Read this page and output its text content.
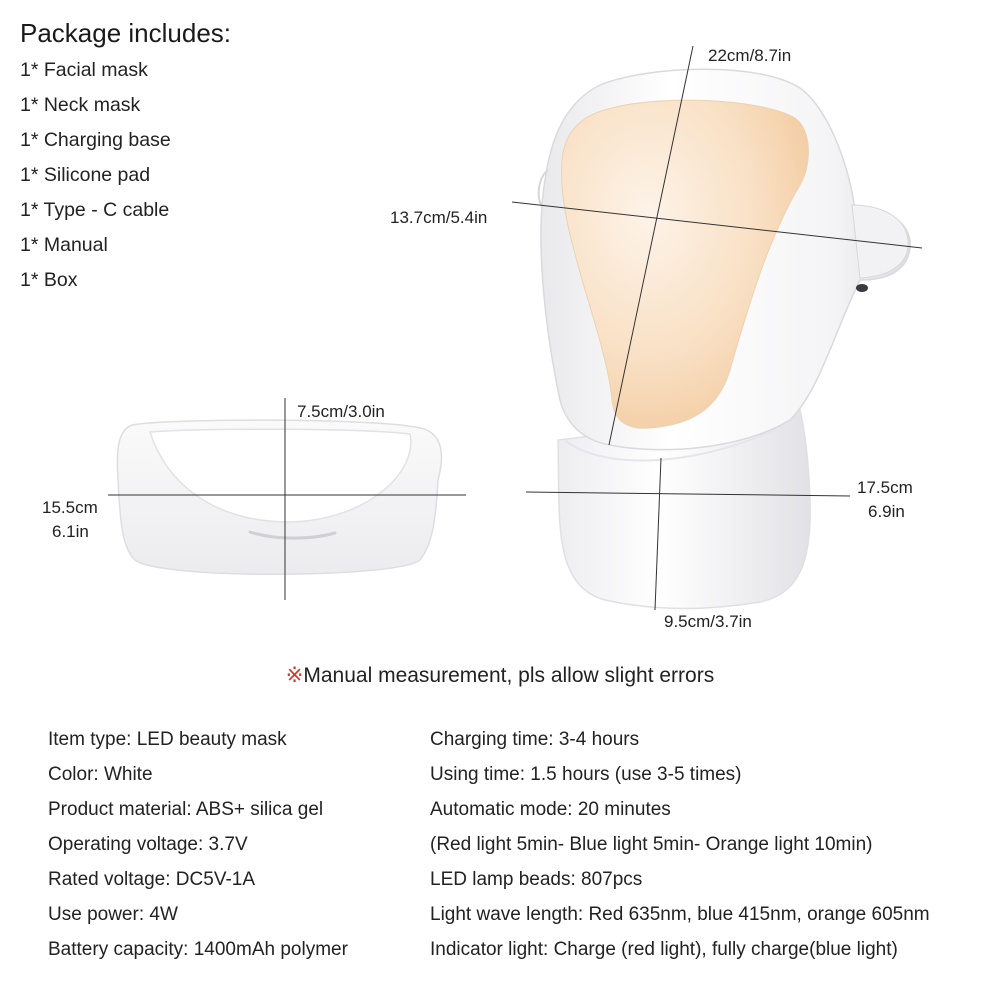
Package includes:
1* Facial mask
1* Neck mask
1* Charging base
1* Silicone pad
1* Type - C cable
1* Manual
1* Box
22cm/8.7in
13.7cm/5.4in
17.5cm
6.9in
9.5cm/3.7in
7.5cm/3.0in
15.5cm
6.1in
※Manual measurement, pls allow slight errors
Item type: LED beauty mask
Color: White
Product material: ABS+ silica gel
Operating voltage: 3.7V
Rated voltage: DC5V-1A
Use power: 4W
Battery capacity: 1400mAh polymer
Charging time: 3-4 hours
Using time: 1.5 hours (use 3-5 times)
Automatic mode: 20 minutes
(Red light 5min- Blue light 5min- Orange light 10min)
LED lamp beads: 807pcs
Light wave length: Red 635nm, blue 415nm, orange 605nm
Indicator light: Charge (red light), fully charge(blue light)
